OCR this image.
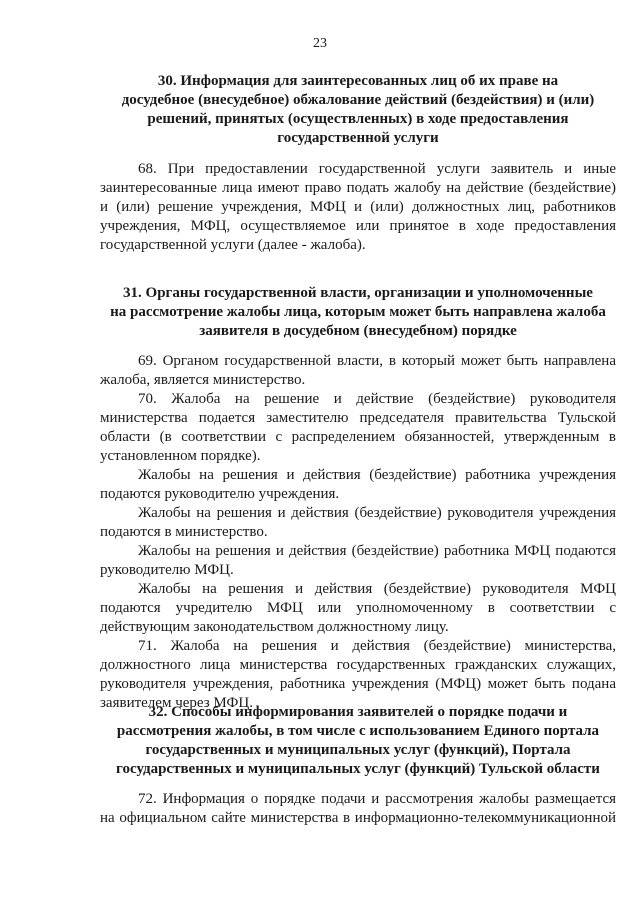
23
30. Информация для заинтересованных лиц об их праве на
досудебное (внесудебное) обжалование действий (бездействия) и (или)
решений, принятых (осуществленных) в ходе предоставления
государственной услуги
68. При предоставлении государственной услуги заявитель и иные
заинтересованные лица имеют право подать жалобу на действие (бездействие)
и (или) решение учреждения, МФЦ и (или) должностных лиц, работников
учреждения, МФЦ, осуществляемое или принятое в ходе предоставления
государственной услуги (далее - жалоба).
31. Органы государственной власти, организации и уполномоченные
на рассмотрение жалобы лица, которым может быть направлена жалоба
заявителя в досудебном (внесудебном) порядке
69. Органом государственной власти, в который может быть направлена
жалоба, является министерство.
70. Жалоба на решение и действие (бездействие) руководителя
министерства подается заместителю председателя правительства Тульской
области (в соответствии с распределением обязанностей, утвержденным в
установленном порядке).
Жалобы на решения и действия (бездействие) работника учреждения
подаются руководителю учреждения.
Жалобы на решения и действия (бездействие) руководителя учреждения
подаются в министерство.
Жалобы на решения и действия (бездействие) работника МФЦ подаются
руководителю МФЦ.
Жалобы на решения и действия (бездействие) руководителя МФЦ
подаются учредителю МФЦ или уполномоченному в соответствии с
действующим законодательством должностному лицу.
71. Жалоба на решения и действия (бездействие) министерства,
должностного лица министерства государственных гражданских служащих,
руководителя учреждения, работника учреждения (МФЦ) может быть подана
заявителем через МФЦ.
32. Способы информирования заявителей о порядке подачи и
рассмотрения жалобы, в том числе с использованием Единого портала
государственных и муниципальных услуг (функций), Портала
государственных и муниципальных услуг (функций) Тульской области
72. Информация о порядке подачи и рассмотрения жалобы размещается
на официальном сайте министерства в информационно-телекоммуникационной
